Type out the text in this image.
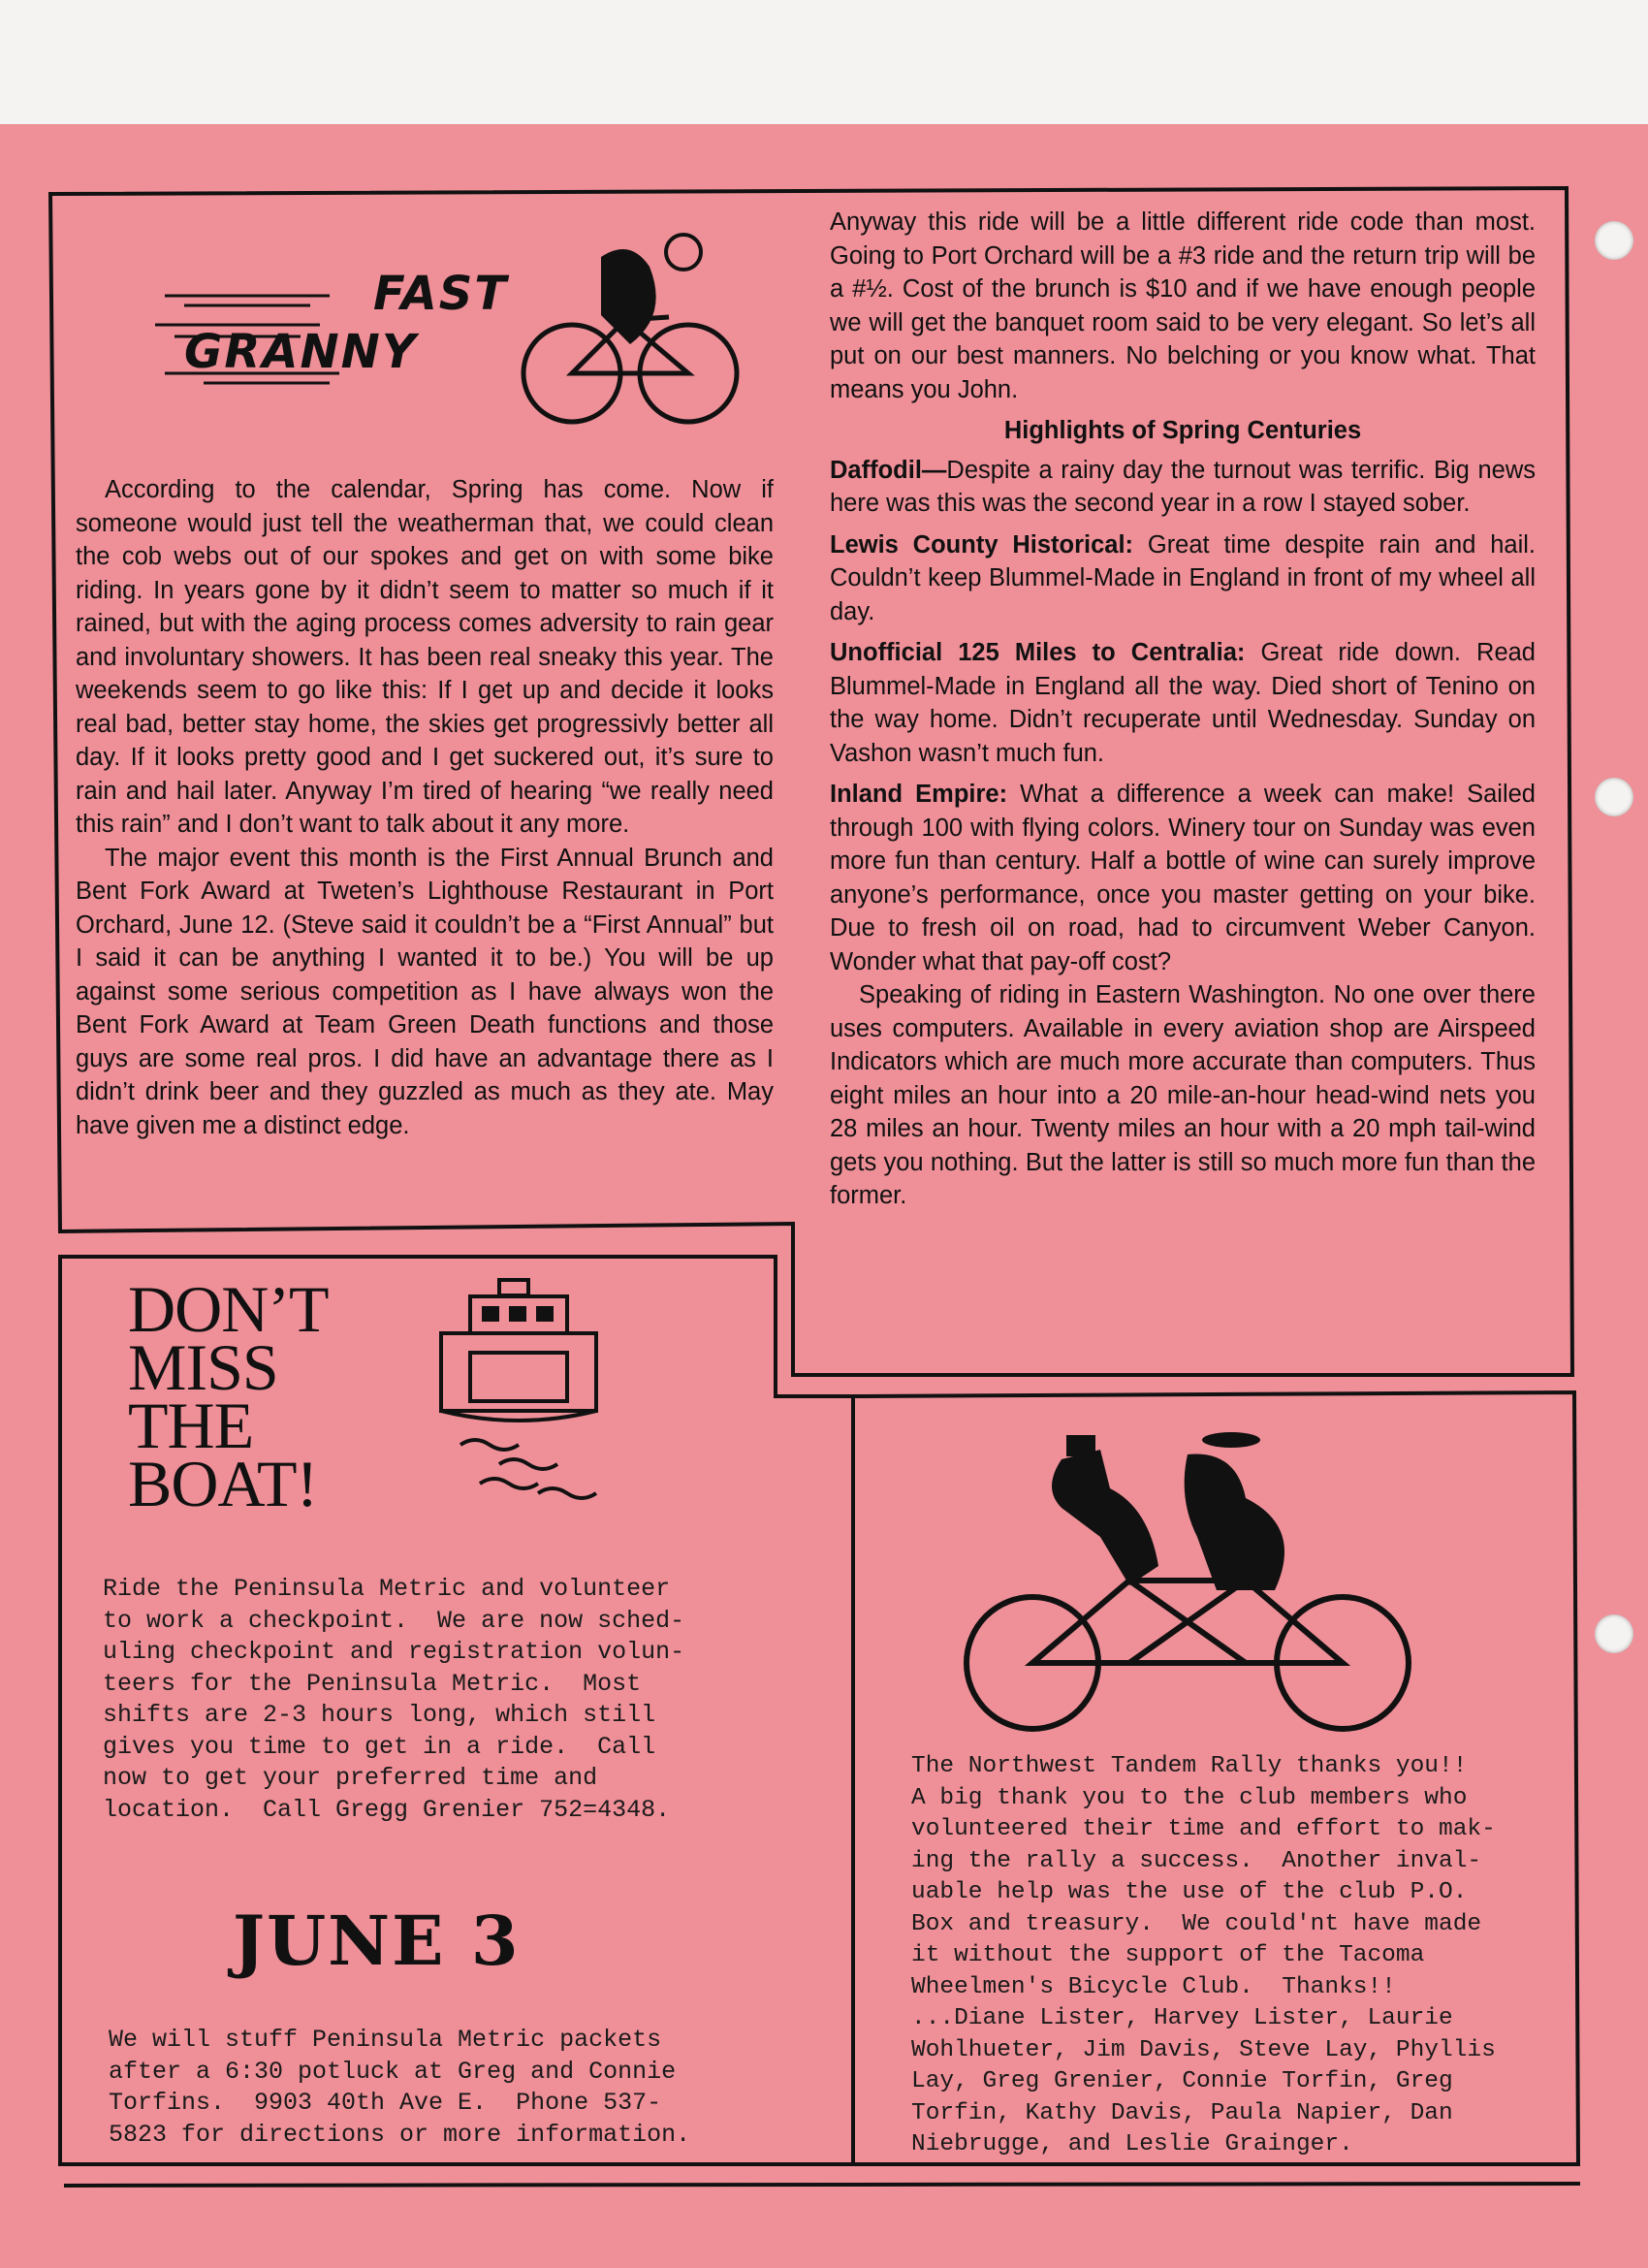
FAST
GRANNY

According to the calendar, Spring has come. Now if someone would just tell the weatherman that, we could clean the cob webs out of our spokes and get on with some bike riding. In years gone by it didn’t seem to matter so much if it rained, but with the aging process comes adversity to rain gear and involuntary showers. It has been real sneaky this year. The weekends seem to go like this: If I get up and decide it looks real bad, better stay home, the skies get progressivly better all day. If it looks pretty good and I get suckered out, it’s sure to rain and hail later. Anyway I’m tired of hearing “we really need this rain” and I don’t want to talk about it any more.

The major event this month is the First Annual Brunch and Bent Fork Award at Tweten’s Lighthouse Restaurant in Port Orchard, June 12. (Steve said it couldn’t be a “First Annual” but I said it can be anything I wanted it to be.) You will be up against some serious competition as I have always won the Bent Fork Award at Team Green Death functions and those guys are some real pros. I did have an advantage there as I didn’t drink beer and they guzzled as much as they ate. May have given me a distinct edge.

Anyway this ride will be a little different ride code than most. Going to Port Orchard will be a #3 ride and the return trip will be a #½. Cost of the brunch is $10 and if we have enough people we will get the banquet room said to be very elegant. So let’s all put on our best manners. No belching or you know what. That means you John.

Highlights of Spring Centuries

Daffodil—Despite a rainy day the turnout was terrific. Big news here was this was the second year in a row I stayed sober.

Lewis County Historical: Great time despite rain and hail. Couldn’t keep Blummel-Made in England in front of my wheel all day.

Unofficial 125 Miles to Centralia: Great ride down. Read Blummel-Made in England all the way. Died short of Tenino on the way home. Didn’t recuperate until Wednesday. Sunday on Vashon wasn’t much fun.

Inland Empire: What a difference a week can make! Sailed through 100 with flying colors. Winery tour on Sunday was even more fun than century. Half a bottle of wine can surely improve anyone’s performance, once you master getting on your bike. Due to fresh oil on road, had to circumvent Weber Canyon. Wonder what that pay-off cost?

Speaking of riding in Eastern Washington. No one over there uses computers. Available in every aviation shop are Airspeed Indicators which are much more accurate than computers. Thus eight miles an hour into a 20 mile-an-hour head-wind nets you 28 miles an hour. Twenty miles an hour with a 20 mph tail-wind gets you nothing. But the latter is still so much more fun than the former.

DON’T
MISS
THE
BOAT!
Ride the Peninsula Metric and volunteer
to work a checkpoint.  We are now sched-
uling checkpoint and registration volun-
teers for the Peninsula Metric.  Most
shifts are 2-3 hours long, which still
gives you time to get in a ride.  Call
now to get your preferred time and
location.  Call Gregg Grenier 752=4348.
JUNE 3
We will stuff Peninsula Metric packets
after a 6:30 potluck at Greg and Connie
Torfins.  9903 40th Ave E.  Phone 537-
5823 for directions or more information.
The Northwest Tandem Rally thanks you!!
A big thank you to the club members who
volunteered their time and effort to mak-
ing the rally a success.  Another inval-
uable help was the use of the club P.O.
Box and treasury.  We could'nt have made
it without the support of the Tacoma
Wheelmen's Bicycle Club.  Thanks!!
...Diane Lister, Harvey Lister, Laurie
Wohlhueter, Jim Davis, Steve Lay, Phyllis
Lay, Greg Grenier, Connie Torfin, Greg
Torfin, Kathy Davis, Paula Napier, Dan
Niebrugge, and Leslie Grainger.
